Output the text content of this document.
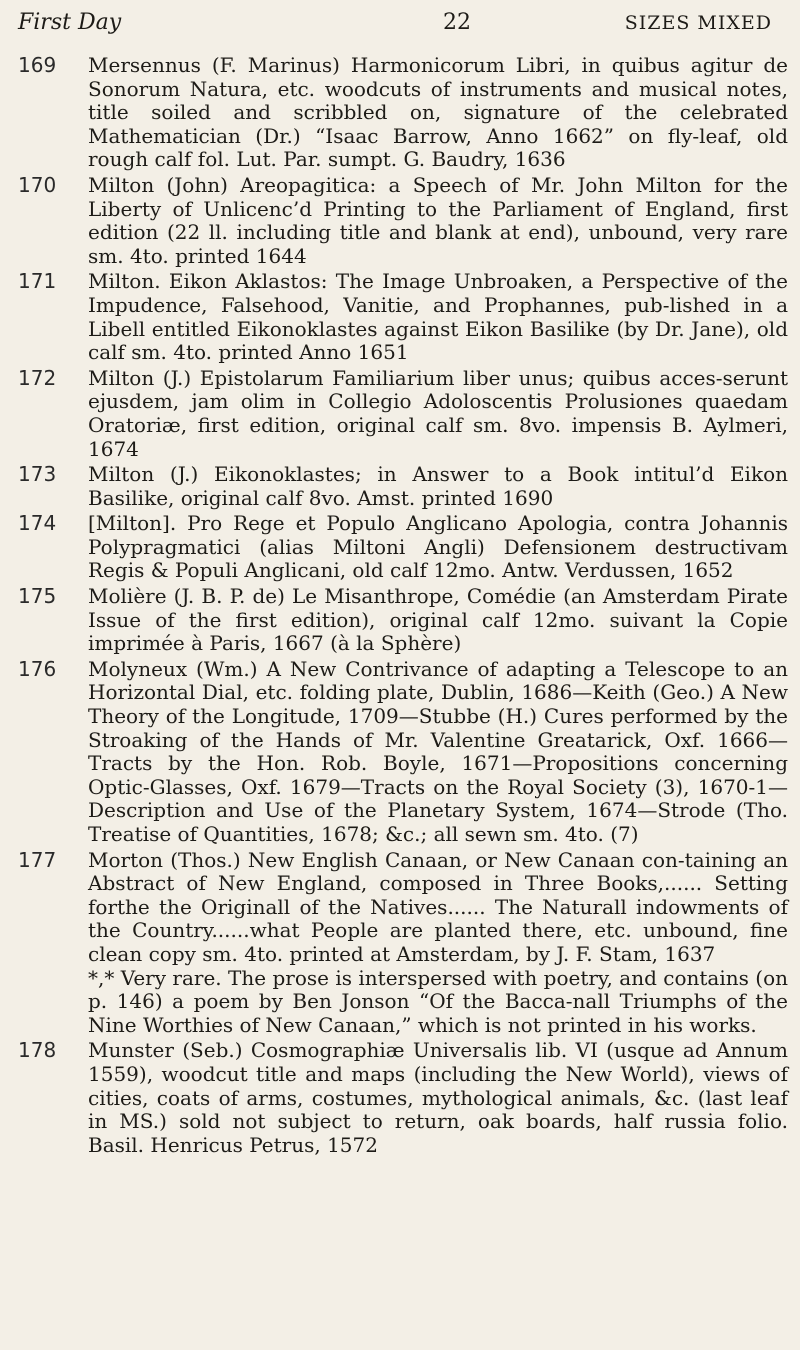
First Day	22	SIZES MIXED
169	Mersennus (F. Marinus) Harmonicorum Libri, in quibus agitur de Sonorum Natura, etc. woodcuts of instruments and musical notes, title soiled and scribbled on, signature of the celebrated Mathematician (Dr.) “Isaac Barrow, Anno 1662” on fly-leaf, old rough calf fol. Lut. Par. sumpt. G. Baudry, 1636
170	Milton (John) Areopagitica: a Speech of Mr. John Milton for the Liberty of Unlicenc’d Printing to the Parliament of England, first edition (22 ll. including title and blank at end), unbound, very rare sm. 4to. printed 1644
171	Milton. Eikon Aklastos: The Image Unbroaken, a Perspective of the Impudence, Falsehood, Vanitie, and Prophannes, pub-lished in a Libell entitled Eikonoklastes against Eikon Basilike (by Dr. Jane), old calf sm. 4to. printed Anno 1651
172	Milton (J.) Epistolarum Familiarium liber unus; quibus acces-serunt ejusdem, jam olim in Collegio Adoloscentis Prolusiones quaedam Oratoriæ, first edition, original calf sm. 8vo. impensis B. Aylmeri, 1674
173	Milton (J.) Eikonoklastes; in Answer to a Book intitul’d Eikon Basilike, original calf 8vo. Amst. printed 1690
174	[Milton]. Pro Rege et Populo Anglicano Apologia, contra Johannis Polypragmatici (alias Miltoni Angli) Defensionem destructivam Regis & Populi Anglicani, old calf 12mo. Antw. Verdussen, 1652
175	Molière (J. B. P. de) Le Misanthrope, Comédie (an Amsterdam Pirate Issue of the first edition), original calf 12mo. suivant la Copie imprimée à Paris, 1667 (à la Sphère)
176	Molyneux (Wm.) A New Contrivance of adapting a Telescope to an Horizontal Dial, etc. folding plate, Dublin, 1686—Keith (Geo.) A New Theory of the Longitude, 1709—Stubbe (H.) Cures performed by the Stroaking of the Hands of Mr. Valentine Greatarick, Oxf. 1666—Tracts by the Hon. Rob. Boyle, 1671—Propositions concerning Optic-Glasses, Oxf. 1679—Tracts on the Royal Society (3), 1670-1—Description and Use of the Planetary System, 1674—Strode (Tho. Treatise of Quantities, 1678; &c.; all sewn sm. 4to. (7)
177	Morton (Thos.) New English Canaan, or New Canaan con-taining an Abstract of New England, composed in Three Books,...... Setting forthe the Originall of the Natives...... The Naturall indowments of the Country......what People are planted there, etc. unbound, fine clean copy sm. 4to. printed at Amsterdam, by J. F. Stam, 1637
*,* Very rare. The prose is interspersed with poetry, and contains (on p. 146) a poem by Ben Jonson “Of the Bacca-nall Triumphs of the Nine Worthies of New Canaan,” which is not printed in his works.
178	Munster (Seb.) Cosmographiæ Universalis lib. VI (usque ad Annum 1559), woodcut title and maps (including the New World), views of cities, coats of arms, costumes, mythological animals, &c. (last leaf in MS.) sold not subject to return, oak boards, half russia folio. Basil. Henricus Petrus, 1572
